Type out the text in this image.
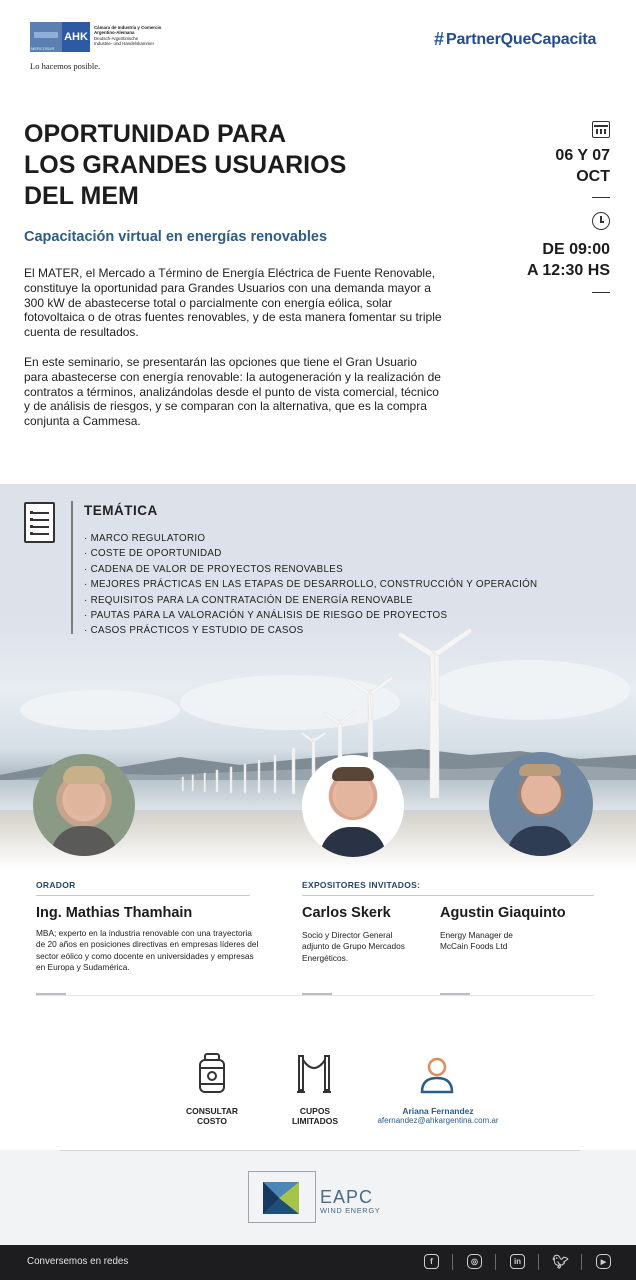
MERCOSUR
AHK
Cámara de Industria y Comercio
Argentino-Alemana
Deutsch-Argentinische
Industrie- und Handelskammer
Lo hacemos posible.
# PartnerQueCapacita
OPORTUNIDAD PARA
LOS GRANDES USUARIOS
DEL MEM
Capacitación virtual en energías renovables

El MATER, el Mercado a Término de Energía Eléctrica de Fuente Renovable, constituye la oportunidad para Grandes Usuarios con una demanda mayor a 300 kW de abastecerse total o parcialmente con energía eólica, solar fotovoltaica o de otras fuentes renovables, y de esta manera fomentar su triple cuenta de resultados.

En este seminario, se presentarán las opciones que tiene el Gran Usuario para abastecerse con energía renovable: la autogeneración y la realización de contratos a términos, analizándolas desde el punto de vista comercial, técnico y de análisis de riesgos, y se comparan con la alternativa, que es la compra conjunta a Cammesa.

06 Y 07
OCT
DE 09:00
A 12:30 HS
TEMÁTICA
· MARCO REGULATORIO
· COSTE DE OPORTUNIDAD
· CADENA DE VALOR DE PROYECTOS RENOVABLES
· MEJORES PRÁCTICAS EN LAS ETAPAS DE DESARROLLO, CONSTRUCCIÓN Y OPERACIÓN
· REQUISITOS PARA LA CONTRATACIÓN DE ENERGÍA RENOVABLE
· PAUTAS PARA LA VALORACIÓN Y ANÁLISIS DE RIESGO DE PROYECTOS
· CASOS PRÁCTICOS Y ESTUDIO DE CASOS
ORADOR	EXPOSITORES INVITADOS:
Ing. Mathias Thamhain
MBA; experto en la industria renovable con una trayectoria de 20 años en posiciones directivas en empresas líderes del sector eólico y como docente en universidades y empresas en Europa y Sudamérica.
Carlos Skerk
Socio y Director General adjunto de Grupo Mercados Energéticos.
Agustin Giaquinto
Energy Manager de McCain Foods Ltd
CONSULTAR
COSTO
CUPOS
LIMITADOS
Ariana Fernandez
afernandez@ahkargentina.com.ar
EAPC
WIND ENERGY
Conversemos en redes	f	◎	in	🐦︎	▶
